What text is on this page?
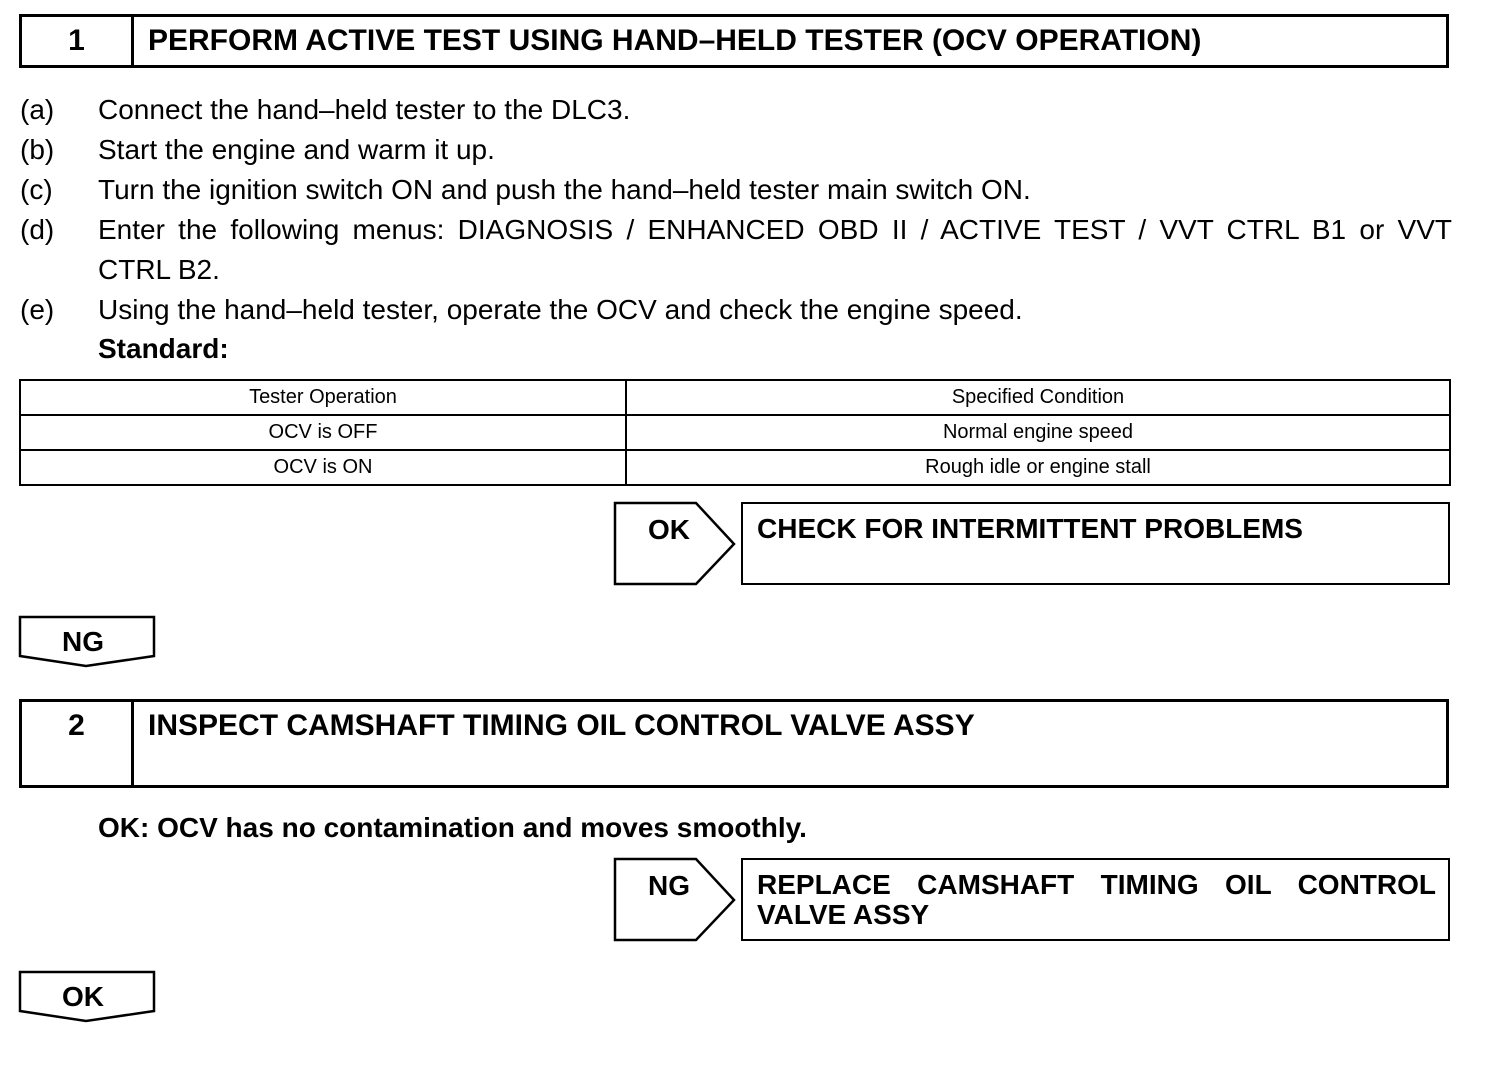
1	PERFORM ACTIVE TEST USING HAND–HELD TESTER (OCV OPERATION)
(a)	Connect the hand–held tester to the DLC3.
(b)	Start the engine and warm it up.
(c)	Turn the ignition switch ON and push the hand–held tester main switch ON.
(d)	Enter the following menus: DIAGNOSIS / ENHANCED OBD II / ACTIVE TEST / VVT CTRL B1 or VVT
CTRL B2.
(e)	Using the hand–held tester, operate the OCV and check the engine speed.
Standard:
Tester Operation	Specified Condition
OCV is OFF	Normal engine speed
OCV is ON	Rough idle or engine stall
OK CHECK FOR INTERMITTENT PROBLEMS
NG
2	INSPECT CAMSHAFT TIMING OIL CONTROL VALVE ASSY
OK: OCV has no contamination and moves smoothly.
NG REPLACE CAMSHAFT TIMING OIL CONTROL
VALVE ASSY
OK
